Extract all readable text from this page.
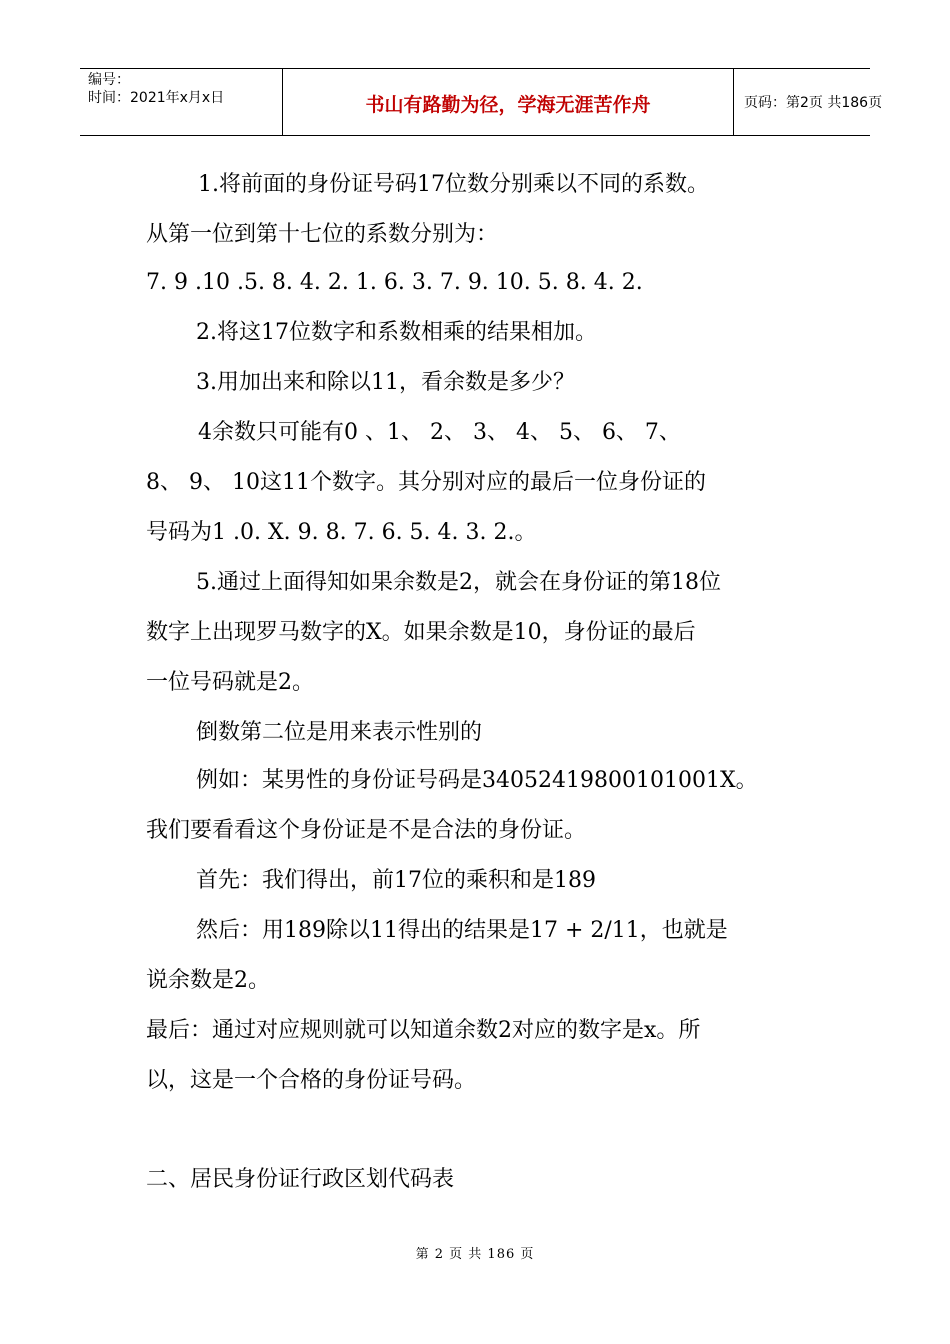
编号：
时间：2021年x月x日	书山有路勤为径，学海无涯苦作舟	页码：第2页 共186页
1.将前面的身份证号码17位数分别乘以不同的系数。
从第一位到第十七位的系数分别为：
7. 9 .10 .5. 8. 4. 2. 1. 6. 3. 7. 9. 10. 5. 8. 4. 2.
2.将这17位数字和系数相乘的结果相加。
3.用加出来和除以11，看余数是多少？
4余数只可能有0 、1、 2、 3、 4、 5、 6、 7、
8、 9、 10这11个数字。其分别对应的最后一位身份证的
号码为1 .0. X. 9. 8. 7. 6. 5. 4. 3. 2.。
5.通过上面得知如果余数是2，就会在身份证的第18位
数字上出现罗马数字的Ⅹ。如果余数是10，身份证的最后
一位号码就是2。
倒数第二位是用来表示性别的
例如：某男性的身份证号码是34052419800101001X。
我们要看看这个身份证是不是合法的身份证。
首先：我们得出，前17位的乘积和是189
然后：用189除以11得出的结果是17 + 2/11，也就是
说余数是2。
最后：通过对应规则就可以知道余数2对应的数字是x。所
以，这是一个合格的身份证号码。
二、居民身份证行政区划代码表
第 2 页 共 186 页
